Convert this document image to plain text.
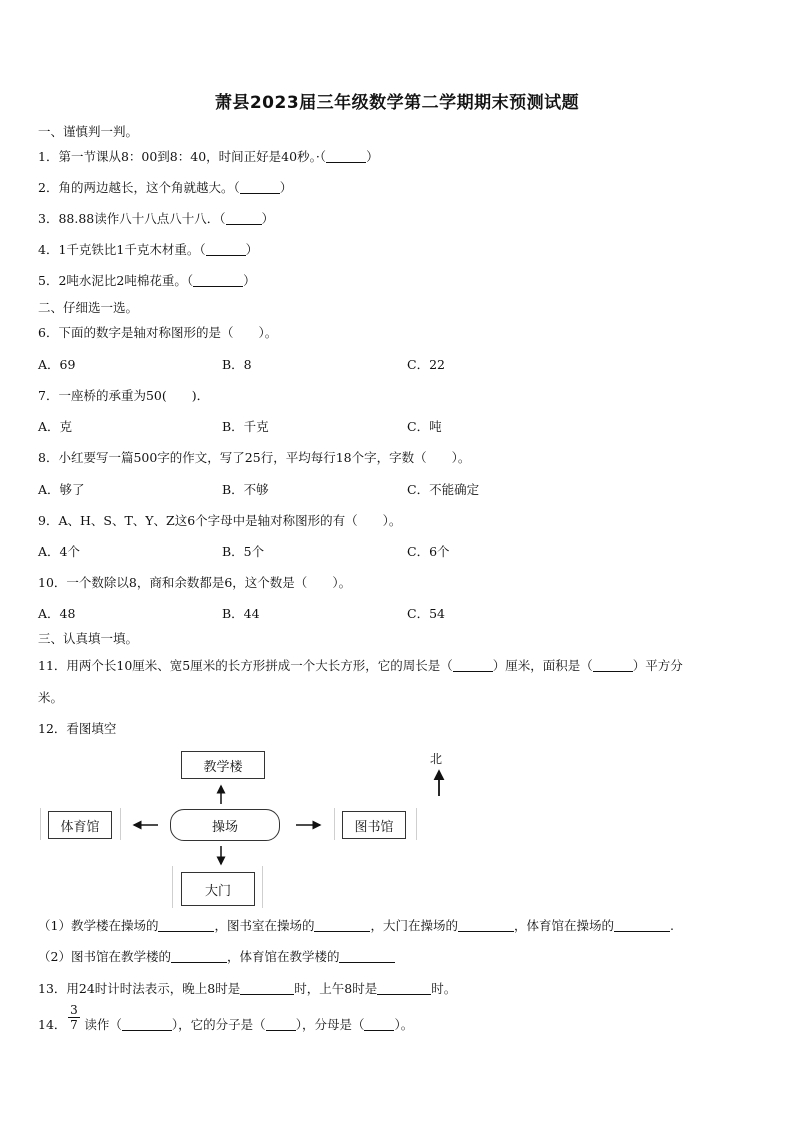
萧县2023届三年级数学第二学期期末预测试题
一、谨慎判一判。
1．第一节课从8：00到8：40，时间正好是40秒。·（	）
2．角的两边越长，这个角就越大。（	）
3．88.88读作八十八点八十八．（	）
4．1千克铁比1千克木材重。（	）
5．2吨水泥比2吨棉花重。（	）
二、仔细选一选。
6．下面的数字是轴对称图形的是（　　）。
A．69	B．8	C．22
7．一座桥的承重为50(　　)．
A．克	B．千克	C．吨
8．小红要写一篇500字的作文，写了25行，平均每行18个字，字数（　　）。
A．够了	B．不够	C．不能确定
9．A、H、S、T、Y、Z这6个字母中是轴对称图形的有（　　）。
A．4个	B．5个	C．6个
10．一个数除以8，商和余数都是6，这个数是（　　）。
A．48	B．44	C．54
三、认真填一填。
11．用两个长10厘米、宽5厘米的长方形拼成一个大长方形，它的周长是（	）厘米，面积是（	）平方分
米。
12．看图填空
教学楼
操场
体育馆	图书馆
大门
北
（1）教学楼在操场的	，图书室在操场的	，大门在操场的	，体育馆在操场的	.
（2）图书馆在教学楼的	，体育馆在教学楼的
13．用24时计时法表示，晚上8时是	时，上午8时是	时。
14． 读作（	），它的分子是（ ），分母是（ ）。
$\frac{3}{7}$
